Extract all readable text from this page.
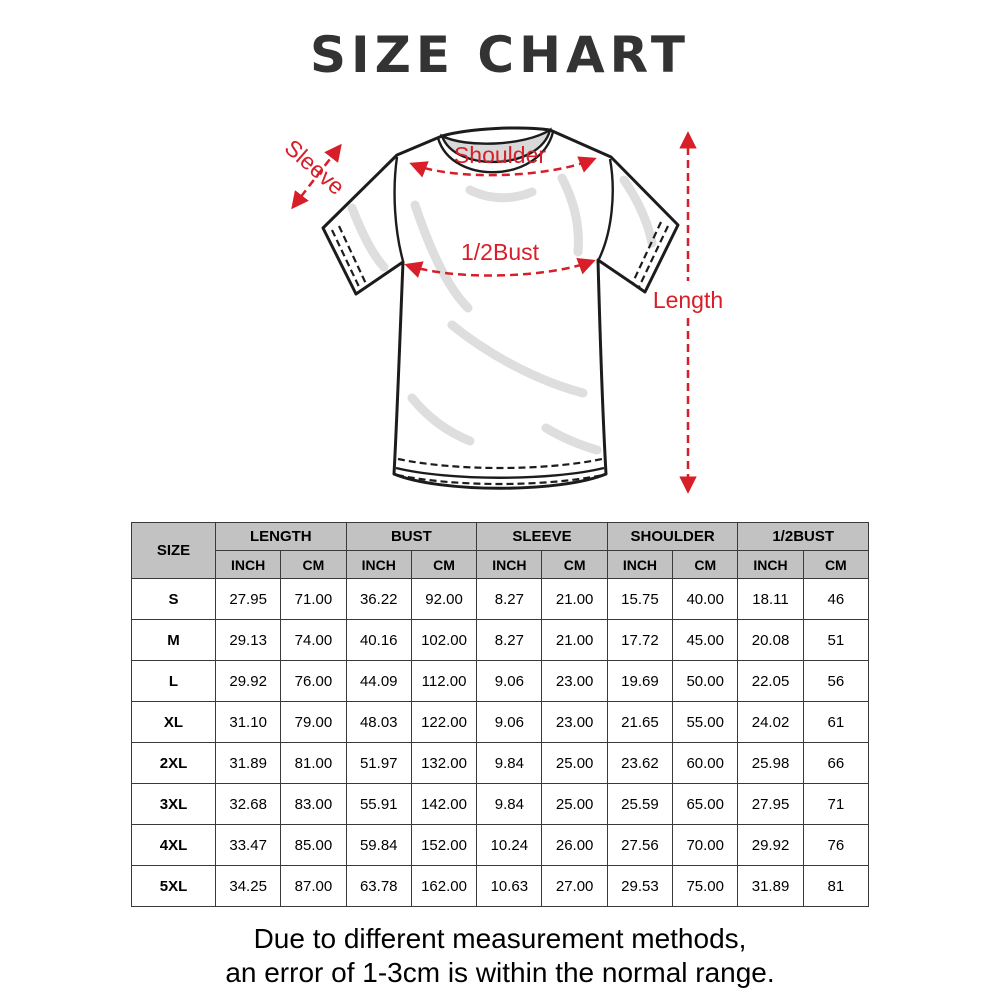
SIZE CHART
Shoulder
1/2Bust
Sleeve
Length
SIZE	LENGTH		BUST		SLEEVE		SHOULDER		1/2BUST	
	INCH	CM	INCH	CM	INCH	CM	INCH	CM	INCH	CM
S	27.95	71.00	36.22	92.00	8.27	21.00	15.75	40.00	18.11	46
M	29.13	74.00	40.16	102.00	8.27	21.00	17.72	45.00	20.08	51
L	29.92	76.00	44.09	112.00	9.06	23.00	19.69	50.00	22.05	56
XL	31.10	79.00	48.03	122.00	9.06	23.00	21.65	55.00	24.02	61
2XL	31.89	81.00	51.97	132.00	9.84	25.00	23.62	60.00	25.98	66
3XL	32.68	83.00	55.91	142.00	9.84	25.00	25.59	65.00	27.95	71
4XL	33.47	85.00	59.84	152.00	10.24	26.00	27.56	70.00	29.92	76
5XL	34.25	87.00	63.78	162.00	10.63	27.00	29.53	75.00	31.89	81
Due to different measurement methods,
an error of 1-3cm is within the normal range.
